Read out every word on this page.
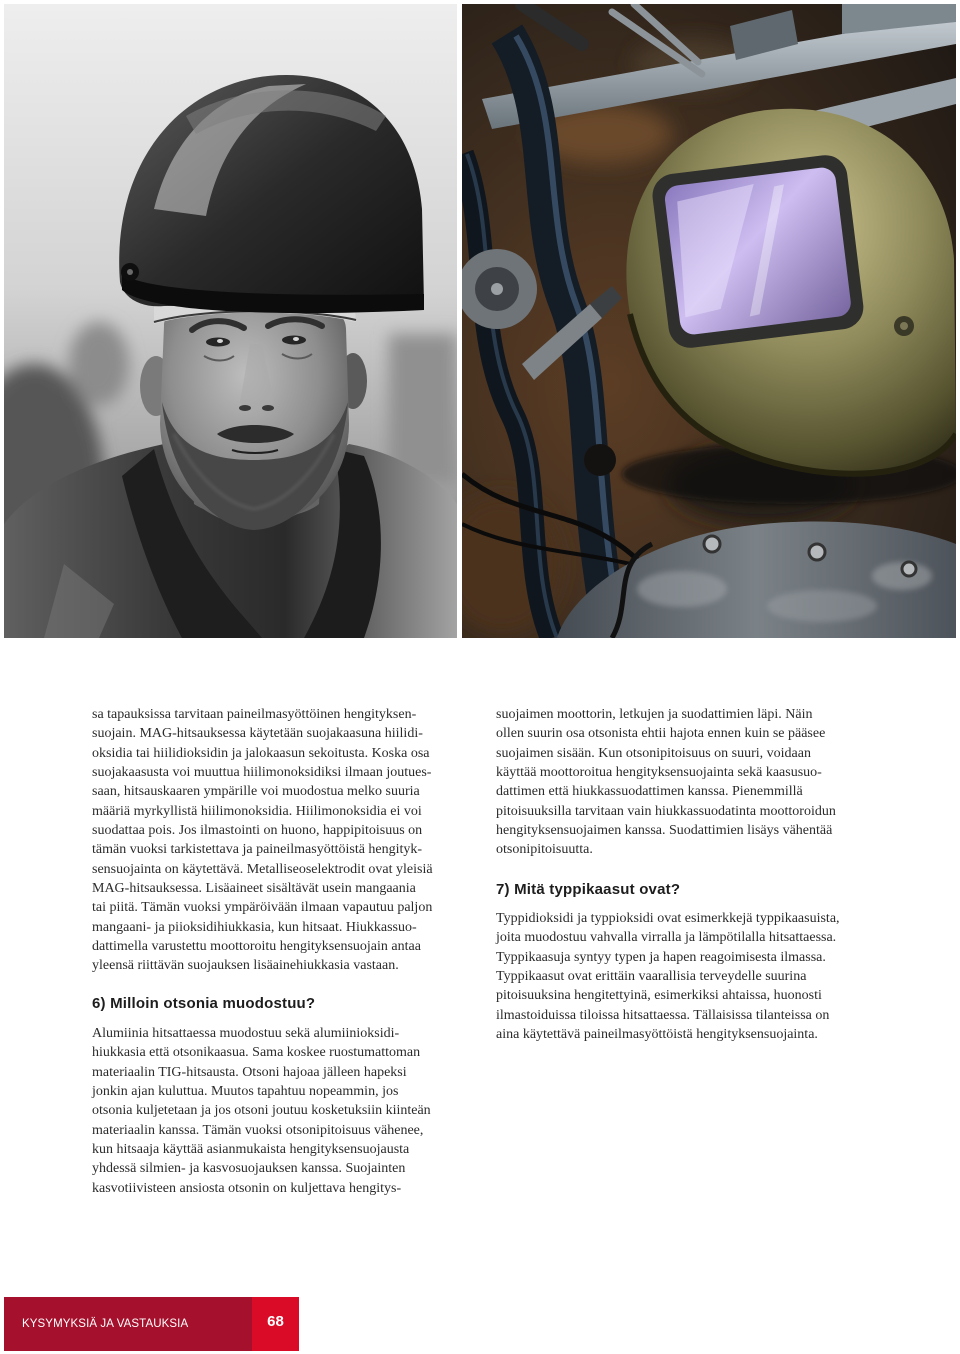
sa tapauksissa tarvitaan paineilmasyöttöinen hengityksen-
suojain. MAG-hitsauksessa käytetään suojakaasuna hiilidi-
oksidia tai hiilidioksidin ja jalokaasun sekoitusta. Koska osa
suojakaasusta voi muuttua hiilimonoksidiksi ilmaan joutues-
saan, hitsauskaaren ympärille voi muodostua melko suuria
määriä myrkyllistä hiilimonoksidia. Hiilimonoksidia ei voi
suodattaa pois. Jos ilmastointi on huono, happipitoisuus on
tämän vuoksi tarkistettava ja paineilmasyöttöistä hengityk-
sensuojainta on käytettävä. Metalliseoselektrodit ovat yleisiä
MAG-hitsauksessa. Lisäaineet sisältävät usein mangaania
tai piitä. Tämän vuoksi ympäröivään ilmaan vapautuu paljon
mangaani- ja piioksidihiukkasia, kun hitsaat. Hiukkassuo-
dattimella varustettu moottoroitu hengityksensuojain antaa
yleensä riittävän suojauksen lisäainehiukkasia vastaan.
6) Milloin otsonia muodostuu?
Alumiinia hitsattaessa muodostuu sekä alumiinioksidi-
hiukkasia että otsonikaasua. Sama koskee ruostumattoman
materiaalin TIG-hitsausta. Otsoni hajoaa jälleen hapeksi
jonkin ajan kuluttua. Muutos tapahtuu nopeammin, jos
otsonia kuljetetaan ja jos otsoni joutuu kosketuksiin kiinteän
materiaalin kanssa. Tämän vuoksi otsonipitoisuus vähenee,
kun hitsaaja käyttää asianmukaista hengityksensuojausta
yhdessä silmien- ja kasvosuojauksen kanssa. Suojainten
kasvotiivisteen ansiosta otsonin on kuljettava hengitys-
suojaimen moottorin, letkujen ja suodattimien läpi. Näin
ollen suurin osa otsonista ehtii hajota ennen kuin se pääsee
suojaimen sisään. Kun otsonipitoisuus on suuri, voidaan
käyttää moottoroitua hengityksensuojainta sekä kaasusuo-
dattimen että hiukkassuodattimen kanssa. Pienemmillä
pitoisuuksilla tarvitaan vain hiukkassuodatinta moottoroidun
hengityksensuojaimen kanssa. Suodattimien lisäys vähentää
otsonipitoisuutta.
7) Mitä typpikaasut ovat?
Typpidioksidi ja typpioksidi ovat esimerkkejä typpikaasuista,
joita muodostuu vahvalla virralla ja lämpötilalla hitsattaessa.
Typpikaasuja syntyy typen ja hapen reagoimisesta ilmassa.
Typpikaasut ovat erittäin vaarallisia terveydelle suurina
pitoisuuksina hengitettyinä, esimerkiksi ahtaissa, huonosti
ilmastoiduissa tiloissa hitsattaessa. Tällaisissa tilanteissa on
aina käytettävä paineilmasyöttöistä hengityksensuojainta.
KYSYMYKSIÄ JA VASTAUKSIA	68
